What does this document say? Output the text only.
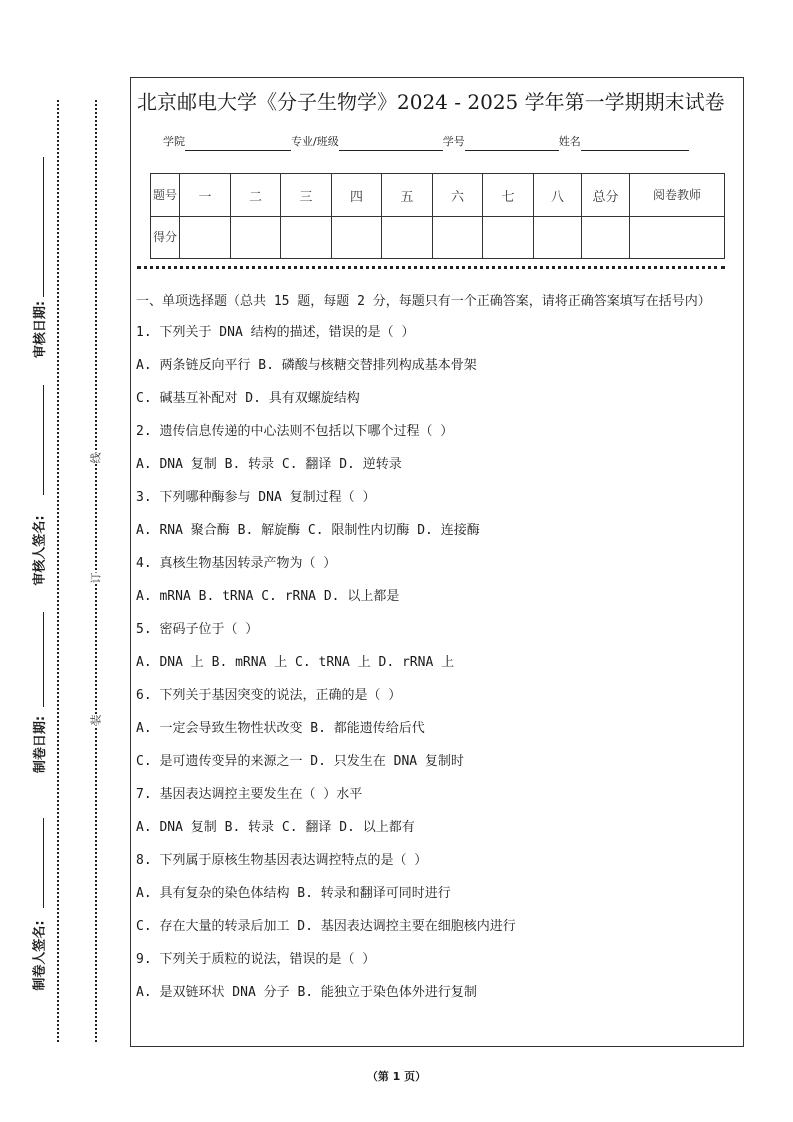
审核日期:
审核人签名:
制卷日期:
制卷人签名:
线
订
装
北京邮电大学《分子生物学》2024 - 2025 学年第一学期期末试卷
学院	专业/班级	学号	姓名
题号	一	二	三	四	五	六	七	八	总分	阅卷教师
得分										
一、单项选择题（总共 15 题，每题 2 分，每题只有一个正确答案，请将正确答案填写在括号内）
1. 下列关于 DNA 结构的描述，错误的是（ ）
A. 两条链反向平行 B. 磷酸与核糖交替排列构成基本骨架
C. 碱基互补配对 D. 具有双螺旋结构
2. 遗传信息传递的中心法则不包括以下哪个过程（ ）
A. DNA 复制 B. 转录 C. 翻译 D. 逆转录
3. 下列哪种酶参与 DNA 复制过程（ ）
A. RNA 聚合酶 B. 解旋酶 C. 限制性内切酶 D. 连接酶
4. 真核生物基因转录产物为（ ）
A. mRNA B. tRNA C. rRNA D. 以上都是
5. 密码子位于（ ）
A. DNA 上 B. mRNA 上 C. tRNA 上 D. rRNA 上
6. 下列关于基因突变的说法，正确的是（ ）
A. 一定会导致生物性状改变 B. 都能遗传给后代
C. 是可遗传变异的来源之一 D. 只发生在 DNA 复制时
7. 基因表达调控主要发生在（ ）水平
A. DNA 复制 B. 转录 C. 翻译 D. 以上都有
8. 下列属于原核生物基因表达调控特点的是（ ）
A. 具有复杂的染色体结构 B. 转录和翻译可同时进行
C. 存在大量的转录后加工 D. 基因表达调控主要在细胞核内进行
9. 下列关于质粒的说法，错误的是（ ）
A. 是双链环状 DNA 分子 B. 能独立于染色体外进行复制
（第 1 页）
